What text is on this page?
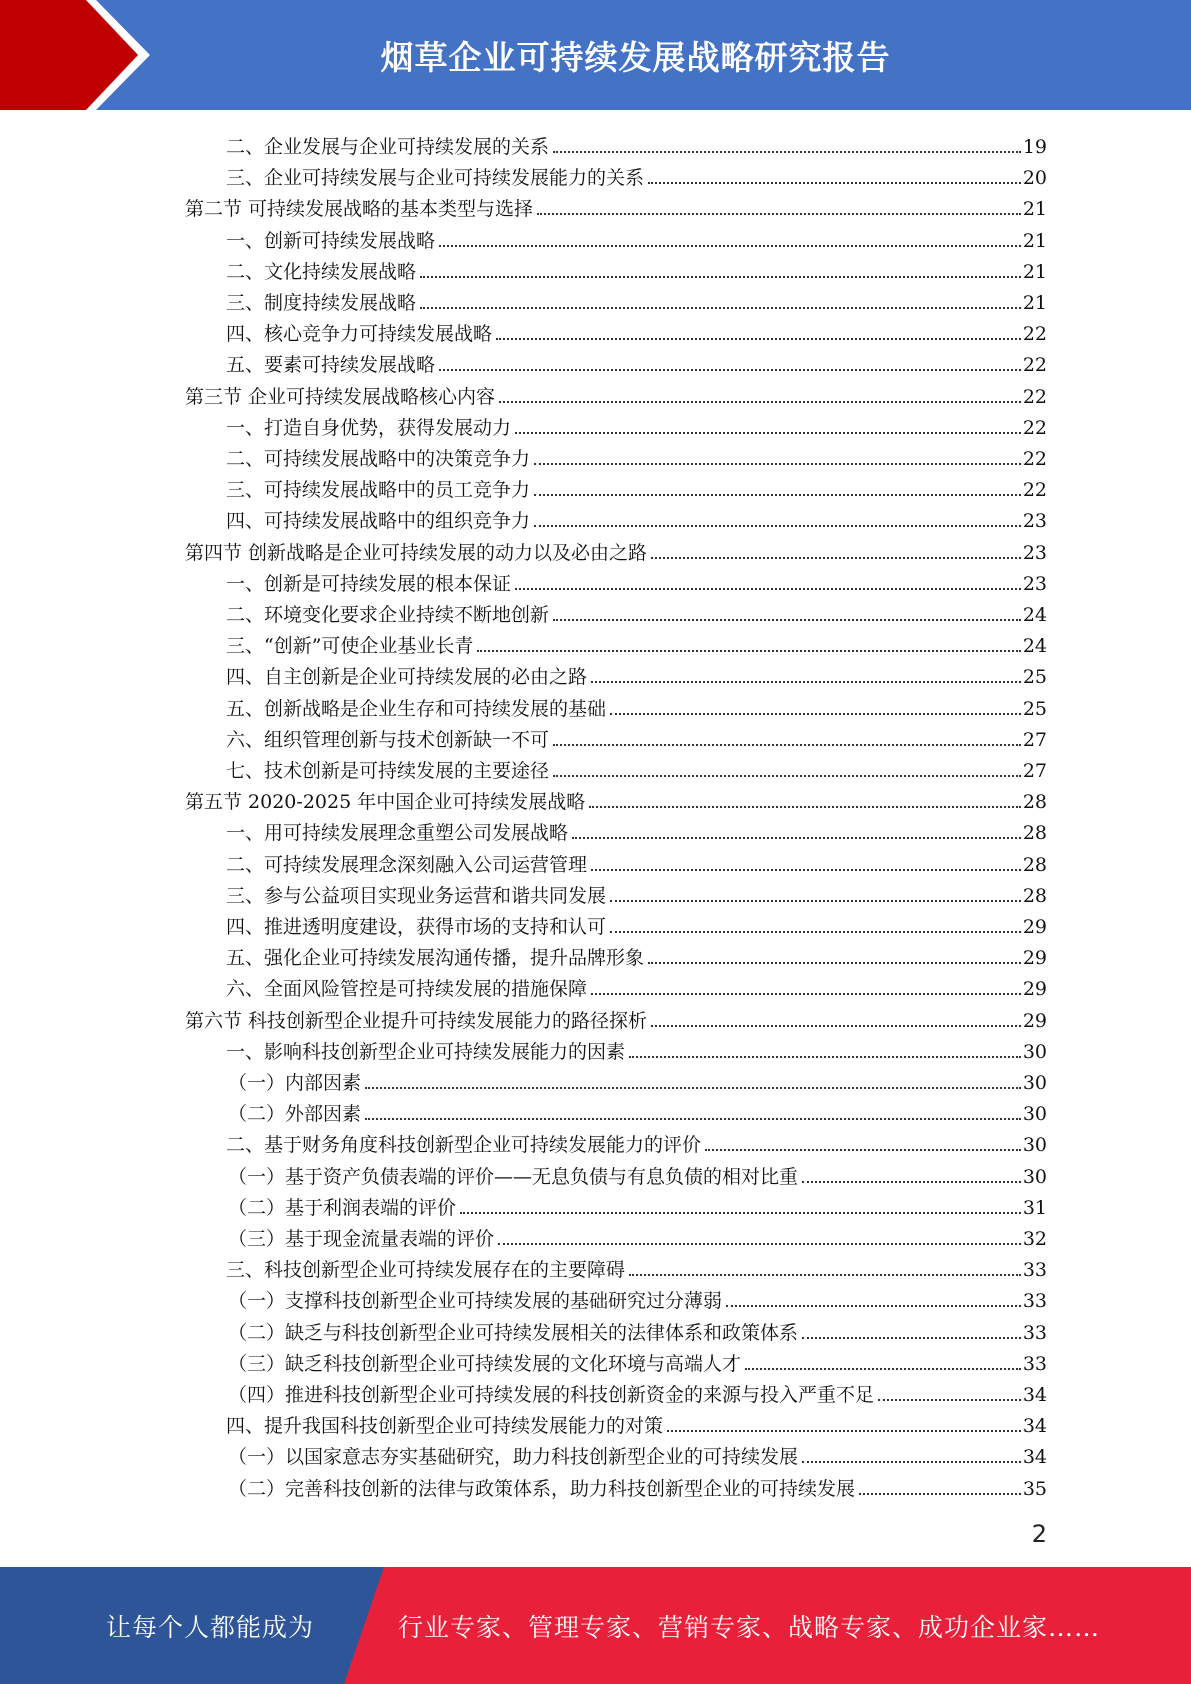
烟草企业可持续发展战略研究报告
二、企业发展与企业可持续发展的关系	19
三、企业可持续发展与企业可持续发展能力的关系	20
第二节 可持续发展战略的基本类型与选择	21
一、创新可持续发展战略	21
二、文化持续发展战略	21
三、制度持续发展战略	21
四、核心竞争力可持续发展战略	22
五、要素可持续发展战略	22
第三节 企业可持续发展战略核心内容	22
一、打造自身优势，获得发展动力	22
二、可持续发展战略中的决策竞争力	22
三、可持续发展战略中的员工竞争力	22
四、可持续发展战略中的组织竞争力	23
第四节 创新战略是企业可持续发展的动力以及必由之路	23
一、创新是可持续发展的根本保证	23
二、环境变化要求企业持续不断地创新	24
三、“创新”可使企业基业长青	24
四、自主创新是企业可持续发展的必由之路	25
五、创新战略是企业生存和可持续发展的基础	25
六、组织管理创新与技术创新缺一不可	27
七、技术创新是可持续发展的主要途径	27
第五节 2020-2025 年中国企业可持续发展战略	28
一、用可持续发展理念重塑公司发展战略	28
二、可持续发展理念深刻融入公司运营管理	28
三、参与公益项目实现业务运营和谐共同发展	28
四、推进透明度建设，获得市场的支持和认可	29
五、强化企业可持续发展沟通传播，提升品牌形象	29
六、全面风险管控是可持续发展的措施保障	29
第六节 科技创新型企业提升可持续发展能力的路径探析	29
一、影响科技创新型企业可持续发展能力的因素	30
（一）内部因素	30
（二）外部因素	30
二、基于财务角度科技创新型企业可持续发展能力的评价	30
（一）基于资产负债表端的评价——无息负债与有息负债的相对比重	30
（二）基于利润表端的评价	31
（三）基于现金流量表端的评价	32
三、科技创新型企业可持续发展存在的主要障碍	33
（一）支撑科技创新型企业可持续发展的基础研究过分薄弱	33
（二）缺乏与科技创新型企业可持续发展相关的法律体系和政策体系	33
（三）缺乏科技创新型企业可持续发展的文化环境与高端人才	33
（四）推进科技创新型企业可持续发展的科技创新资金的来源与投入严重不足	34
四、提升我国科技创新型企业可持续发展能力的对策	34
（一）以国家意志夯实基础研究，助力科技创新型企业的可持续发展	34
（二）完善科技创新的法律与政策体系，助力科技创新型企业的可持续发展	35
2
让每个人都能成为	行业专家、管理专家、营销专家、战略专家、成功企业家……
